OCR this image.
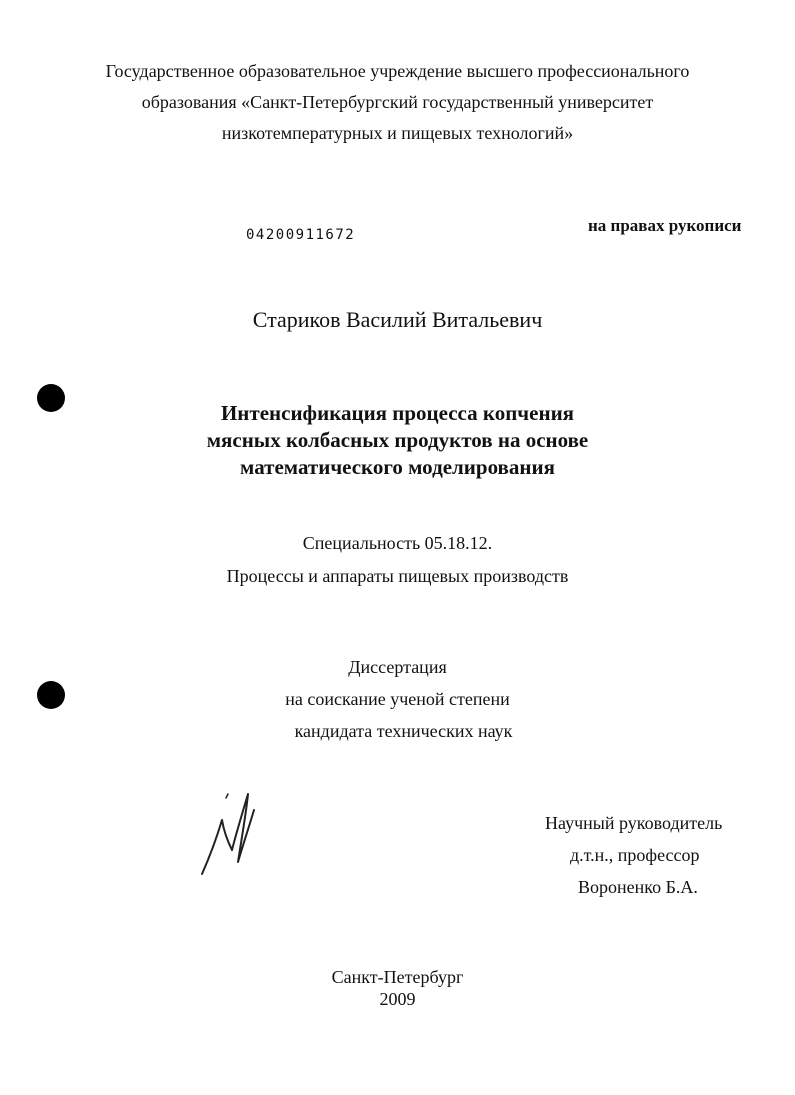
Государственное образовательное учреждение высшего профессионального
образования «Санкт-Петербургский государственный университет
низкотемпературных и пищевых технологий»
04200911672	на правах рукописи
Стариков Василий Витальевич
Интенсификация процесса копчения
мясных колбасных продуктов на основе
математического моделирования
Специальность 05.18.12.
Процессы и аппараты пищевых производств
Диссертация
на соискание ученой степени
кандидата технических наук
Научный руководитель
д.т.н., профессор
Вороненко Б.А.
Санкт-Петербург
2009
